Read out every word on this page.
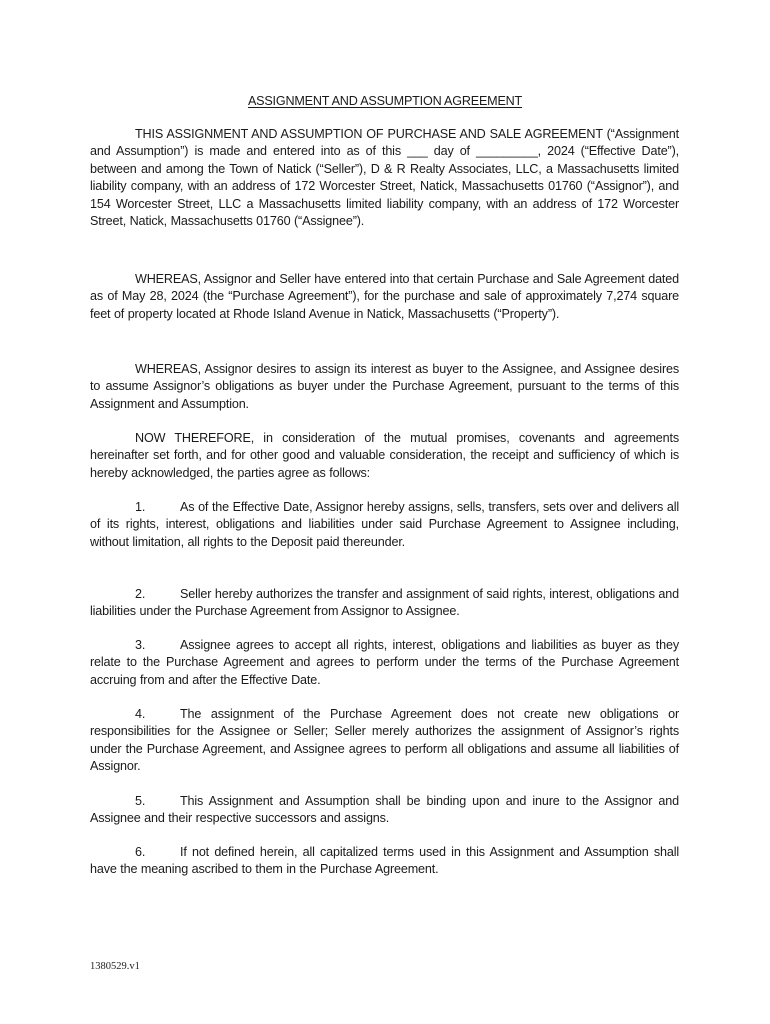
ASSIGNMENT AND ASSUMPTION AGREEMENT

THIS ASSIGNMENT AND ASSUMPTION OF PURCHASE AND SALE AGREEMENT (“Assignment and Assumption”) is made and entered into as of this ___ day of _________, 2024 (“Effective Date”), between and among the Town of Natick (“Seller”), D & R Realty Associates, LLC, a Massachusetts limited liability company, with an address of 172 Worcester Street, Natick, Massachusetts 01760 (“Assignor”), and 154 Worcester Street, LLC a Massachusetts limited liability company, with an address of 172 Worcester Street, Natick, Massachusetts 01760 (“Assignee”).

WHEREAS, Assignor and Seller have entered into that certain Purchase and Sale Agreement dated as of May 28, 2024 (the “Purchase Agreement”), for the purchase and sale of approximately 7,274 square feet of property located at Rhode Island Avenue in Natick, Massachusetts (“Property”).

WHEREAS, Assignor desires to assign its interest as buyer to the Assignee, and Assignee desires to assume Assignor’s obligations as buyer under the Purchase Agreement, pursuant to the terms of this Assignment and Assumption.

NOW THEREFORE, in consideration of the mutual promises, covenants and agreements hereinafter set forth, and for other good and valuable consideration, the receipt and sufficiency of which is hereby acknowledged, the parties agree as follows:

1.	As of the Effective Date, Assignor hereby assigns, sells, transfers, sets over and delivers all of its rights, interest, obligations and liabilities under said Purchase Agreement to Assignee including, without limitation, all rights to the Deposit paid thereunder.

2.	Seller hereby authorizes the transfer and assignment of said rights, interest, obligations and liabilities under the Purchase Agreement from Assignor to Assignee.

3.	Assignee agrees to accept all rights, interest, obligations and liabilities as buyer as they relate to the Purchase Agreement and agrees to perform under the terms of the Purchase Agreement accruing from and after the Effective Date.

4.	The assignment of the Purchase Agreement does not create new obligations or responsibilities for the Assignee or Seller; Seller merely authorizes the assignment of Assignor’s rights under the Purchase Agreement, and Assignee agrees to perform all obligations and assume all liabilities of Assignor.

5.	This Assignment and Assumption shall be binding upon and inure to the Assignor and Assignee and their respective successors and assigns.

6.	If not defined herein, all capitalized terms used in this Assignment and Assumption shall have the meaning ascribed to them in the Purchase Agreement.

1380529.v1
